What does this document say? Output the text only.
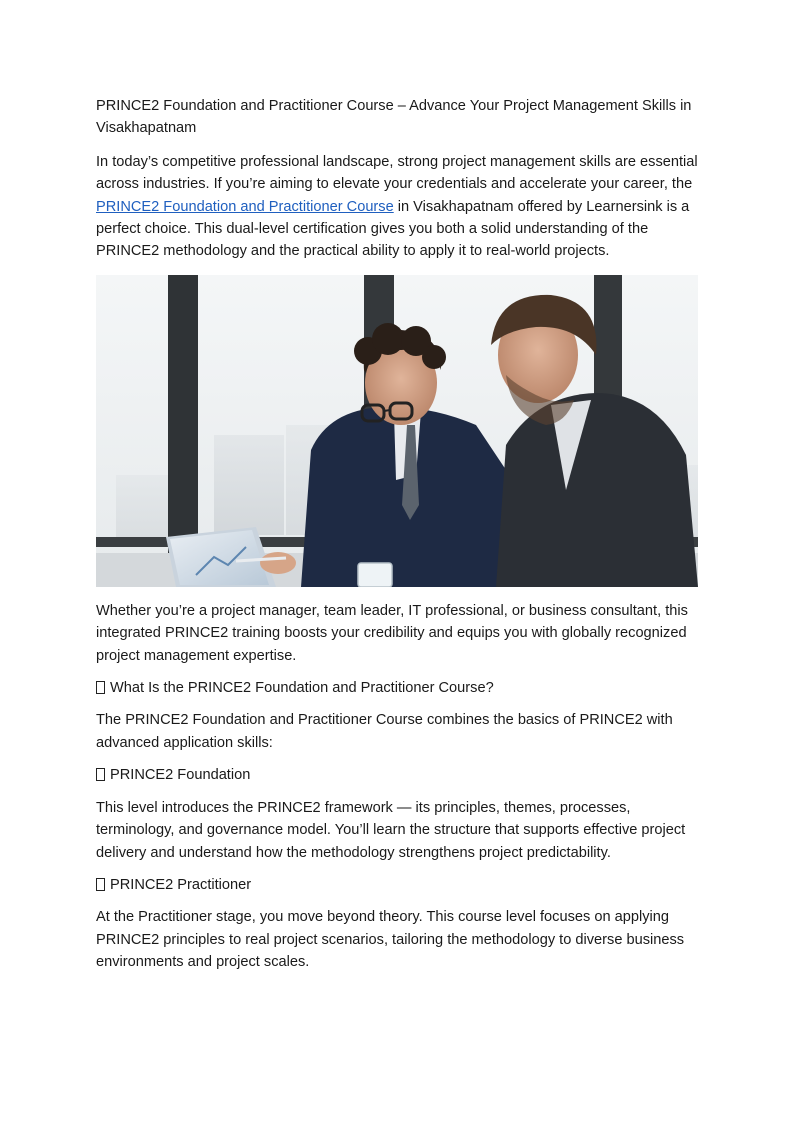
PRINCE2 Foundation and Practitioner Course – Advance Your Project Management Skills in Visakhapatnam

In today’s competitive professional landscape, strong project management skills are essential across industries. If you’re aiming to elevate your credentials and accelerate your career, the PRINCE2 Foundation and Practitioner Course in Visakhapatnam offered by Learnersink is a perfect choice. This dual-level certification gives you both a solid understanding of the PRINCE2 methodology and the practical ability to apply it to real-world projects.

Whether you’re a project manager, team leader, IT professional, or business consultant, this integrated PRINCE2 training boosts your credibility and equips you with globally recognized project management expertise.

What Is the PRINCE2 Foundation and Practitioner Course?

The PRINCE2 Foundation and Practitioner Course combines the basics of PRINCE2 with advanced application skills:

PRINCE2 Foundation

This level introduces the PRINCE2 framework — its principles, themes, processes, terminology, and governance model. You’ll learn the structure that supports effective project delivery and understand how the methodology strengthens project predictability.

PRINCE2 Practitioner

At the Practitioner stage, you move beyond theory. This course level focuses on applying PRINCE2 principles to real project scenarios, tailoring the methodology to diverse business environments and project scales.
